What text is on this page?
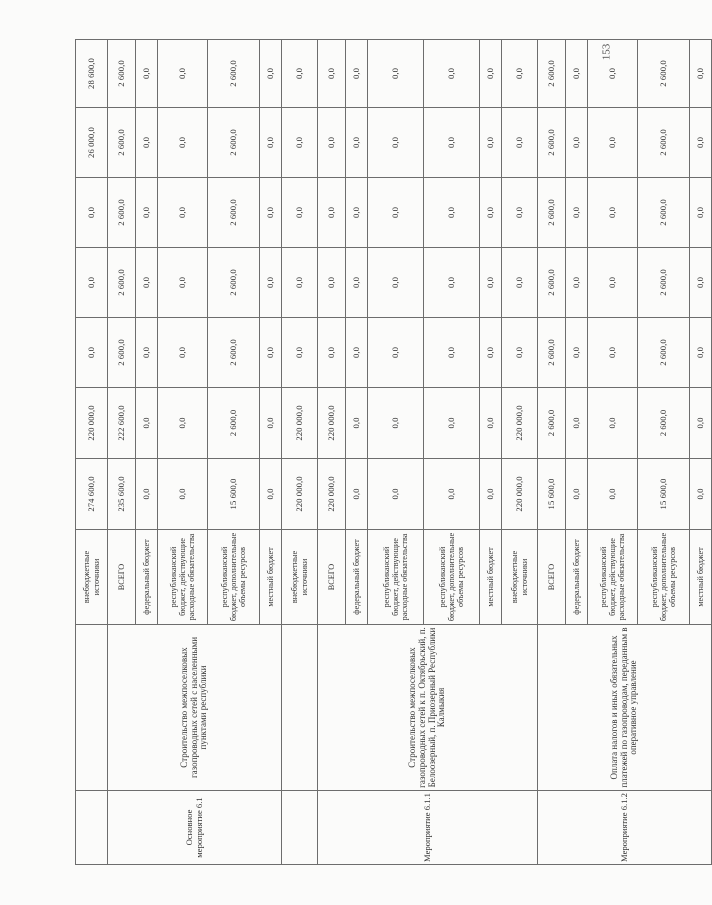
		внебюджетные источники	274 600,0	220 000,0	0,0	0,0	0,0	26 000,0	28 600,0
Основное мероприятие 6.1	Строительство межпоселковых газопроводных сетей с населенными пунктами республики	ВСЕГО	235 600,0	222 600,0	2 600,0	2 600,0	2 600,0	2 600,0	2 600,0
		федеральный бюджет	0,0	0,0	0,0	0,0	0,0	0,0	0,0
		республиканский бюджет, действующие расходные обязательства	0,0	0,0	0,0	0,0	0,0	0,0	0,0
		республиканский бюджет, дополнительные объемы ресурсов	15 600,0	2 600,0	2 600,0	2 600,0	2 600,0	2 600,0	2 600,0
		местный бюджет	0,0	0,0	0,0	0,0	0,0	0,0	0,0
		внебюджетные источники	220 000,0	220 000,0	0,0	0,0	0,0	0,0	0,0
Мероприятие 6.1.1	Строительство межпоселковых газопроводных сетей к п. Октябрьский, п. Белоозерный, п. Приозерный Республики Калмыкия	ВСЕГО	220 000,0	220 000,0	0,0	0,0	0,0	0,0	0,0
		федеральный бюджет	0,0	0,0	0,0	0,0	0,0	0,0	0,0
		республиканский бюджет, действующие расходные обязательства	0,0	0,0	0,0	0,0	0,0	0,0	0,0
		республиканский бюджет, дополнительные объемы ресурсов	0,0	0,0	0,0	0,0	0,0	0,0	0,0
		местный бюджет	0,0	0,0	0,0	0,0	0,0	0,0	0,0
		внебюджетные источники	220 000,0	220 000,0	0,0	0,0	0,0	0,0	0,0
Мероприятие 6.1.2	Оплата налогов и иных обязательных платежей по газопроводам, переданным в оперативное управление	ВСЕГО	15 600,0	2 600,0	2 600,0	2 600,0	2 600,0	2 600,0	2 600,0
		федеральный бюджет	0,0	0,0	0,0	0,0	0,0	0,0	0,0
		республиканский бюджет, действующие расходные обязательства	0,0	0,0	0,0	0,0	0,0	0,0	0,0
		республиканский бюджет, дополнительные объемы ресурсов	15 600,0	2 600,0	2 600,0	2 600,0	2 600,0	2 600,0	2 600,0
		местный бюджет	0,0	0,0	0,0	0,0	0,0	0,0	0,0
153
